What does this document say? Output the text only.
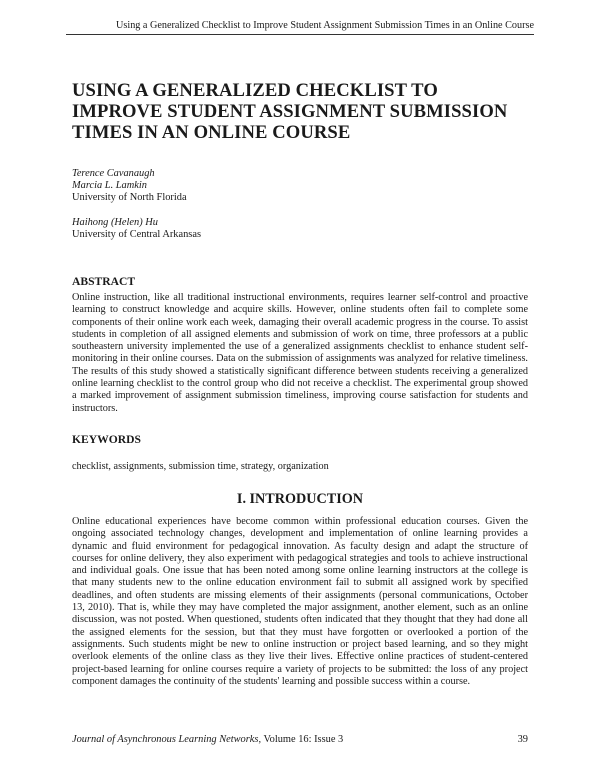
Using a Generalized Checklist to Improve Student Assignment Submission Times in an Online Course
USING A GENERALIZED CHECKLIST TO
IMPROVE STUDENT ASSIGNMENT SUBMISSION
TIMES IN AN ONLINE COURSE
Terence Cavanaugh
Marcia L. Lamkin
University of North Florida
Haihong (Helen) Hu
University of Central Arkansas
ABSTRACT

Online instruction, like all traditional instructional environments, requires learner self-control and proactive learning to construct knowledge and acquire skills. However, online students often fail to complete some components of their online work each week, damaging their overall academic progress in the course. To assist students in completion of all assigned elements and submission of work on time, three professors at a public southeastern university implemented the use of a generalized assignments checklist to enhance student self-monitoring in their online courses. Data on the submission of assignments was analyzed for relative timeliness. The results of this study showed a statistically significant difference between students receiving a generalized online learning checklist to the control group who did not receive a checklist. The experimental group showed a marked improvement of assignment submission timeliness, improving course satisfaction for students and instructors.

KEYWORDS

checklist, assignments, submission time, strategy, organization

I. INTRODUCTION

Online educational experiences have become common within professional education courses. Given the ongoing associated technology changes, development and implementation of online learning provides a dynamic and fluid environment for pedagogical innovation. As faculty design and adapt the structure of courses for online delivery, they also experiment with pedagogical strategies and tools to achieve instructional and individual goals. One issue that has been noted among some online learning instructors at the college is that many students new to the online education environment fail to submit all assigned work by specified deadlines, and often students are missing elements of their assignments (personal communications, October 13, 2010). That is, while they may have completed the major assignment, another element, such as an online discussion, was not posted. When questioned, students often indicated that they thought that they had done all the assigned elements for the session, but that they must have forgotten or overlooked a portion of the assignments. Such students might be new to online instruction or project based learning, and so they might overlook elements of the online class as they live their lives. Effective online practices of student-centered project-based learning for online courses require a variety of projects to be submitted: the loss of any project component damages the continuity of the students' learning and possible success within a course.

Journal of Asynchronous Learning Networks, Volume 16: Issue 3	39
